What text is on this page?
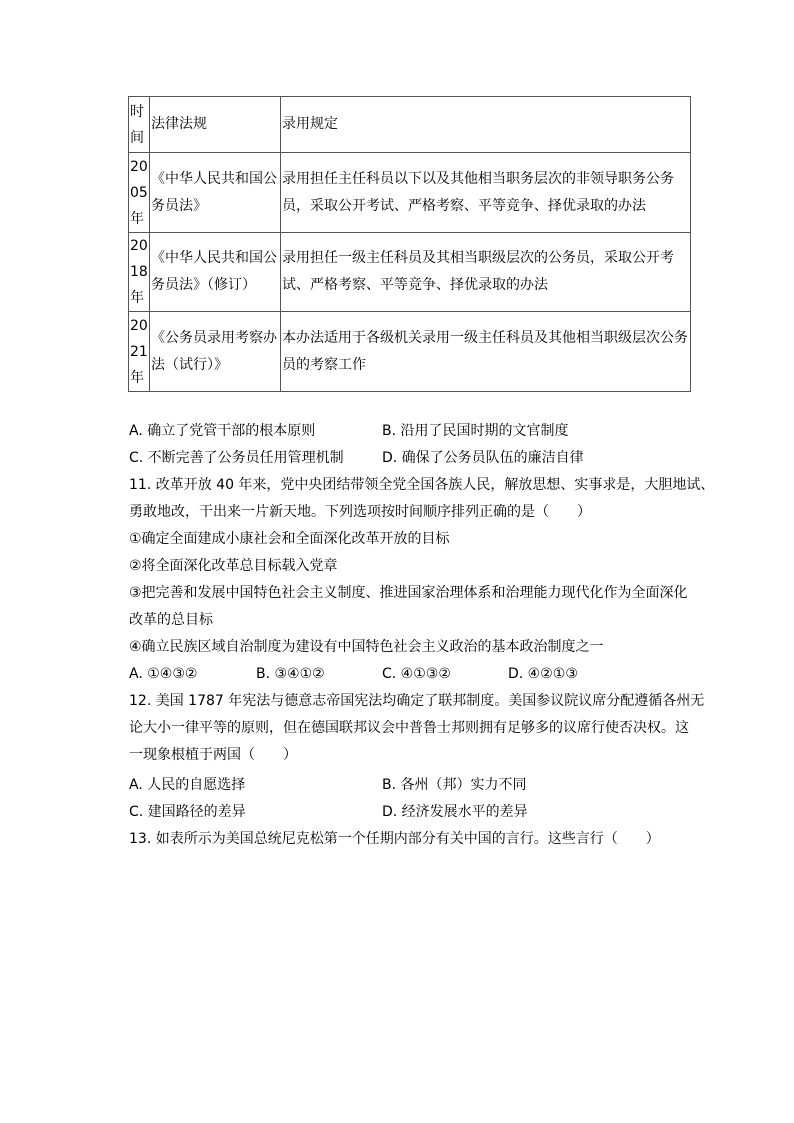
时间	法律法规	录用规定
2005年	《中华人民共和国公务员法》	录用担任主任科员以下以及其他相当职务层次的非领导职务公务员，采取公开考试、严格考察、平等竞争、择优录取的办法
2018年	《中华人民共和国公务员法》（修订）	录用担任一级主任科员及其相当职级层次的公务员，采取公开考试、严格考察、平等竞争、择优录取的办法
2021年	《公务员录用考察办法（试行）》	本办法适用于各级机关录用一级主任科员及其他相当职级层次公务员的考察工作
A. 确立了党管干部的根本原则	B. 沿用了民国时期的文官制度
C. 不断完善了公务员任用管理机制	D. 确保了公务员队伍的廉洁自律
11. 改革开放 40 年来，党中央团结带领全党全国各族人民，解放思想、实事求是，大胆地试、
勇敢地改，干出来一片新天地。下列选项按时间顺序排列正确的是（　　）
①确定全面建成小康社会和全面深化改革开放的目标
②将全面深化改革总目标载入党章
③把完善和发展中国特色社会主义制度、推进国家治理体系和治理能力现代化作为全面深化
改革的总目标
④确立民族区域自治制度为建设有中国特色社会主义政治的基本政治制度之一
A. ①④③②	B. ③④①②	C. ④①③②	D. ④②①③
12. 美国 1787 年宪法与德意志帝国宪法均确定了联邦制度。美国参议院议席分配遵循各州无
论大小一律平等的原则，但在德国联邦议会中普鲁士邦则拥有足够多的议席行使否决权。这
一现象根植于两国（　　）
A. 人民的自愿选择	B. 各州（邦）实力不同
C. 建国路径的差异	D. 经济发展水平的差异
13. 如表所示为美国总统尼克松第一个任期内部分有关中国的言行。这些言行（　　）
